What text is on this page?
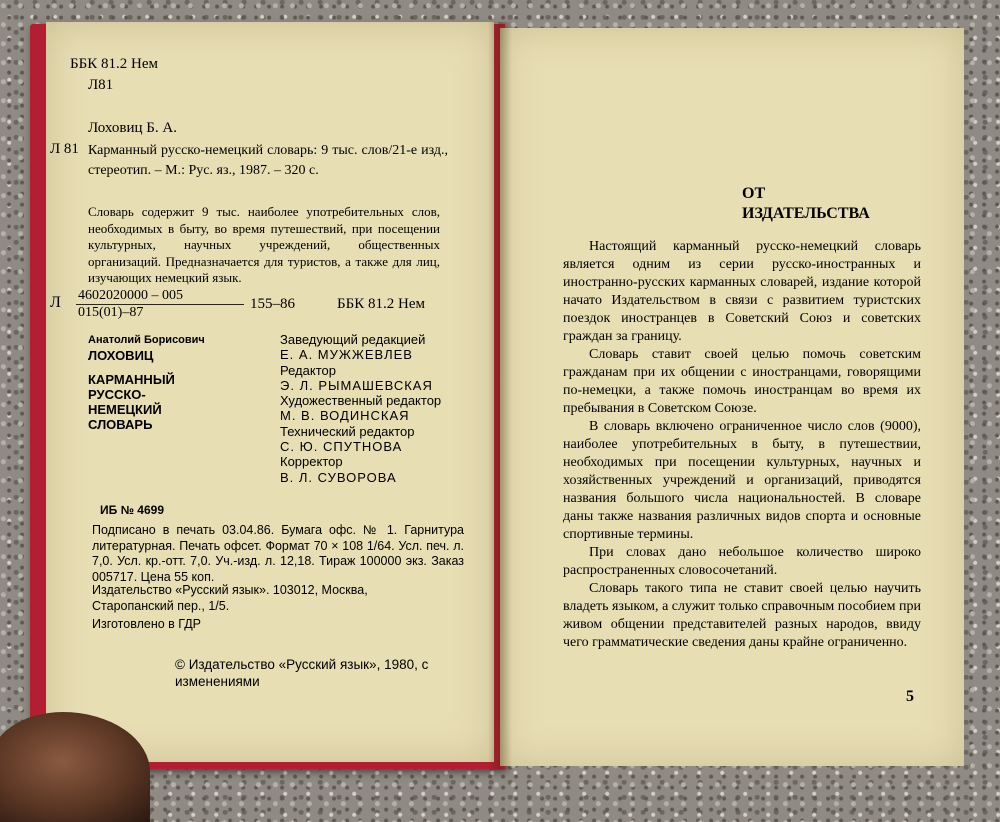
ББК 81.2 Нем
Л81
Лоховиц Б. А.
Л 81 Карманный русско-немецкий словарь: 9 тыс. слов/21-е изд., стереотип. – М.: Рус. яз., 1987. – 320 с.
Словарь содержит 9 тыс. наиболее употребительных слов, необходимых в быту, во время путешествий, при посещении культурных, научных учреждений, общественных организаций. Предназначается для туристов, а также для лиц, изучающих немецкий язык.
Л 4602020000 – 005
015(01)–87
155–86	ББК 81.2 Нем
Анатолий Борисович
ЛОХОВИЦ
КАРМАННЫЙ РУССКО-НЕМЕЦКИЙ СЛОВАРЬ
Заведующий редакцией
Е. А. МУЖЖЕВЛЕВ
Редактор
Э. Л. РЫМАШЕВСКАЯ
Художественный редактор
М. В. ВОДИНСКАЯ
Технический редактор
С. Ю. СПУТНОВА
Корректор
В. Л. СУВОРОВА
ИБ № 4699
Подписано в печать 03.04.86. Бумага офс. № 1. Гарнитура литературная. Печать офсет. Формат 70 × 108 1/64. Усл. печ. л. 7,0. Усл. кр.-отт. 7,0. Уч.-изд. л. 12,18. Тираж 100000 экз. Заказ 005717. Цена 55 коп.
Издательство «Русский язык». 103012, Москва, Старопанский пер., 1/5.
Изготовлено в ГДР
© Издательство «Русский язык», 1980, с изменениями
ОТ
ИЗДАТЕЛЬСТВА

Настоящий карманный русско-немецкий словарь является одним из серии русско-иностранных и иностранно-русских карманных словарей, издание которой начато Издательством в связи с развитием туристских поездок иностранцев в Советский Союз и советских граждан за границу.

Словарь ставит своей целью помочь советским гражданам при их общении с иностранцами, говорящими по-немецки, а также помочь иностранцам во время их пребывания в Советском Союзе.

В словарь включено ограниченное число слов (9000), наиболее употребительных в быту, в путешествии, необходимых при посещении культурных, научных и хозяйственных учреждений и организаций, приводятся названия большого числа национальностей. В словаре даны также названия различных видов спорта и основные спортивные термины.

При словах дано небольшое количество широко распространенных словосочетаний.

Словарь такого типа не ставит своей целью научить владеть языком, а служит только справочным пособием при живом общении представителей разных народов, ввиду чего грамматические сведения даны крайне ограниченно.

5
